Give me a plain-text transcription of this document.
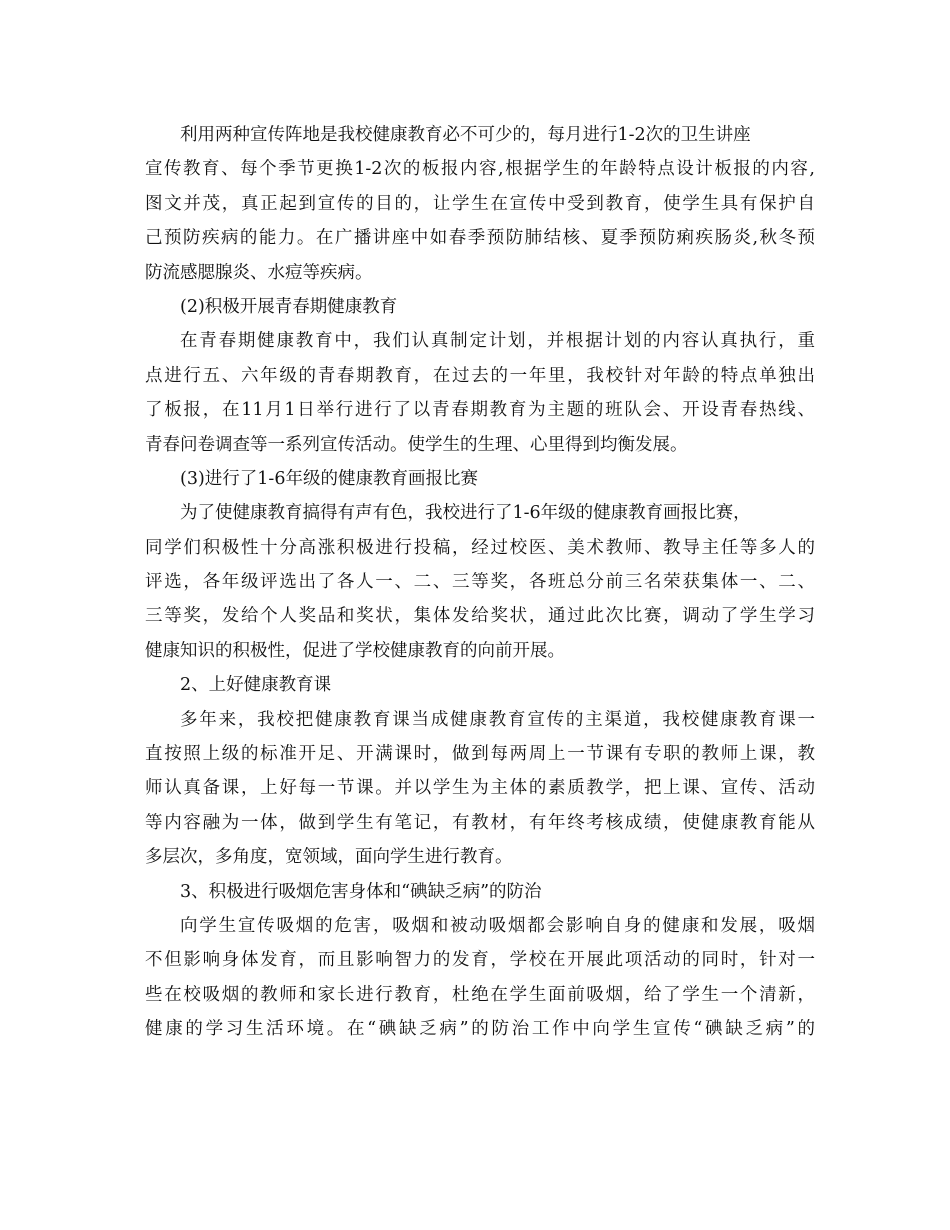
利用两种宣传阵地是我校健康教育必不可少的，每月进行1-2次的卫生讲座
宣传教育、每个季节更换1-2次的板报内容,根据学生的年龄特点设计板报的内容,
图文并茂，真正起到宣传的目的，让学生在宣传中受到教育，使学生具有保护自
己预防疾病的能力。在广播讲座中如春季预防肺结核、夏季预防痢疾肠炎,秋冬预
防流感腮腺炎、水痘等疾病。
(2)积极开展青春期健康教育
在青春期健康教育中，我们认真制定计划，并根据计划的内容认真执行，重
点进行五、六年级的青春期教育，在过去的一年里，我校针对年龄的特点单独出
了板报，在11月1日举行进行了以青春期教育为主题的班队会、开设青春热线、
青春问卷调查等一系列宣传活动。使学生的生理、心里得到均衡发展。
(3)进行了1-6年级的健康教育画报比赛
为了使健康教育搞得有声有色，我校进行了1-6年级的健康教育画报比赛，
同学们积极性十分高涨积极进行投稿，经过校医、美术教师、教导主任等多人的
评选，各年级评选出了各人一、二、三等奖，各班总分前三名荣获集体一、二、
三等奖，发给个人奖品和奖状，集体发给奖状，通过此次比赛，调动了学生学习
健康知识的积极性，促进了学校健康教育的向前开展。
2、上好健康教育课
多年来，我校把健康教育课当成健康教育宣传的主渠道，我校健康教育课一
直按照上级的标准开足、开满课时，做到每两周上一节课有专职的教师上课，教
师认真备课，上好每一节课。并以学生为主体的素质教学，把上课、宣传、活动
等内容融为一体，做到学生有笔记，有教材，有年终考核成绩，使健康教育能从
多层次，多角度，宽领域，面向学生进行教育。
3、积极进行吸烟危害身体和“碘缺乏病”的防治
向学生宣传吸烟的危害，吸烟和被动吸烟都会影响自身的健康和发展，吸烟
不但影响身体发育，而且影响智力的发育，学校在开展此项活动的同时，针对一
些在校吸烟的教师和家长进行教育，杜绝在学生面前吸烟，给了学生一个清新，
健康的学习生活环境。在“碘缺乏病”的防治工作中向学生宣传“碘缺乏病”的
